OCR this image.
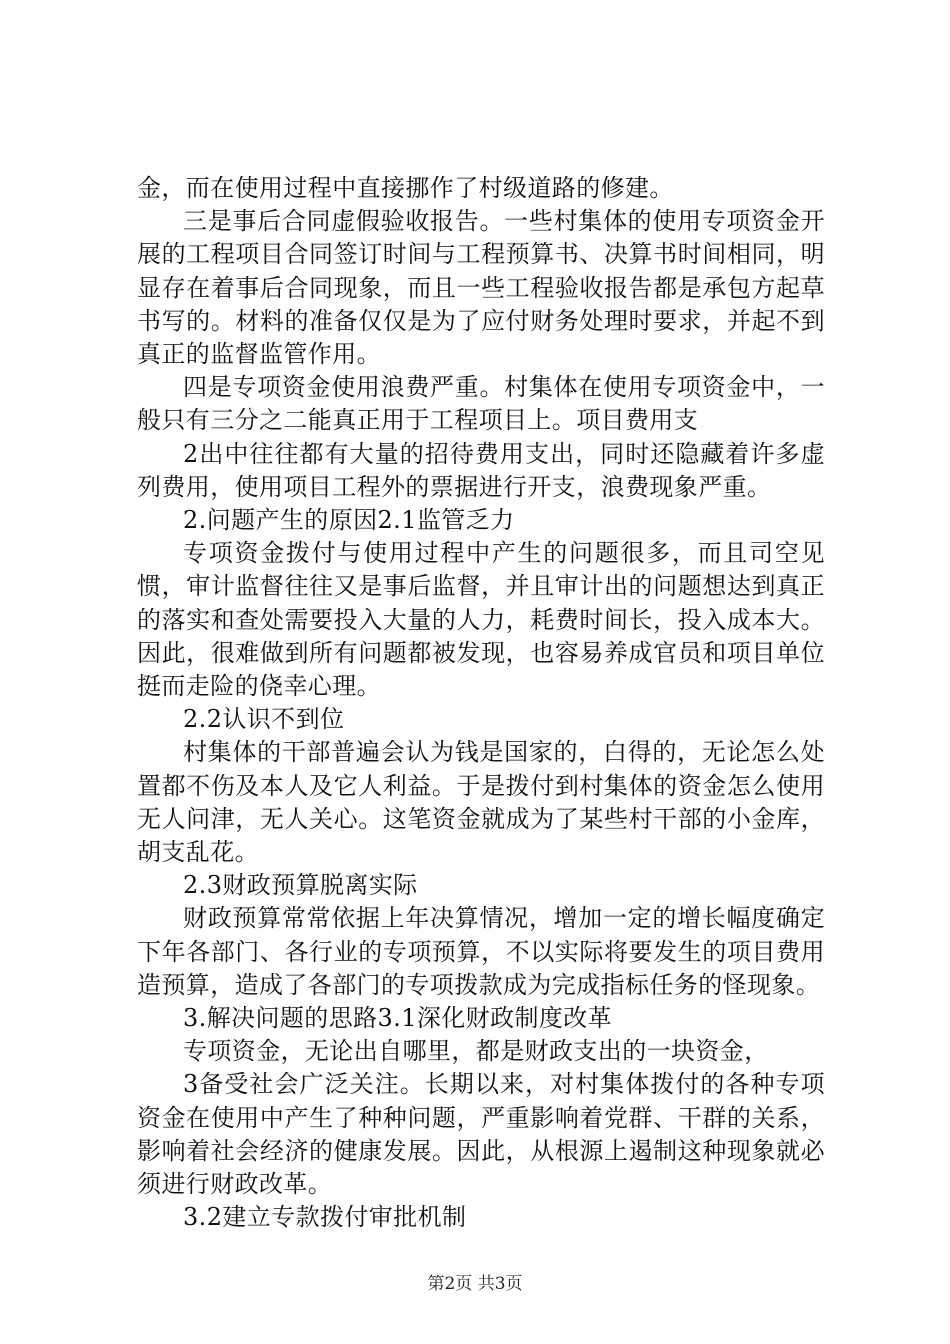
金，而在使用过程中直接挪作了村级道路的修建。

三是事后合同虚假验收报告。一些村集体的使用专项资金开展的工程项目合同签订时间与工程预算书、决算书时间相同，明显存在着事后合同现象，而且一些工程验收报告都是承包方起草书写的。材料的准备仅仅是为了应付财务处理时要求，并起不到真正的监督监管作用。

四是专项资金使用浪费严重。村集体在使用专项资金中，一般只有三分之二能真正用于工程项目上。项目费用支

2出中往往都有大量的招待费用支出，同时还隐藏着许多虚列费用，使用项目工程外的票据进行开支，浪费现象严重。

2.问题产生的原因2.1监管乏力

专项资金拨付与使用过程中产生的问题很多，而且司空见惯，审计监督往往又是事后监督，并且审计出的问题想达到真正的落实和查处需要投入大量的人力，耗费时间长，投入成本大。因此，很难做到所有问题都被发现，也容易养成官员和项目单位挺而走险的侥幸心理。

2.2认识不到位

村集体的干部普遍会认为钱是国家的，白得的，无论怎么处置都不伤及本人及它人利益。于是拨付到村集体的资金怎么使用无人问津，无人关心。这笔资金就成为了某些村干部的小金库，胡支乱花。

2.3财政预算脱离实际

财政预算常常依据上年决算情况，增加一定的增长幅度确定下年各部门、各行业的专项预算，不以实际将要发生的项目费用造预算，造成了各部门的专项拨款成为完成指标任务的怪现象。

3.解决问题的思路3.1深化财政制度改革

专项资金，无论出自哪里，都是财政支出的一块资金，

3备受社会广泛关注。长期以来，对村集体拨付的各种专项资金在使用中产生了种种问题，严重影响着党群、干群的关系，影响着社会经济的健康发展。因此，从根源上遏制这种现象就必须进行财政改革。

3.2建立专款拨付审批机制

第2页 共3页
